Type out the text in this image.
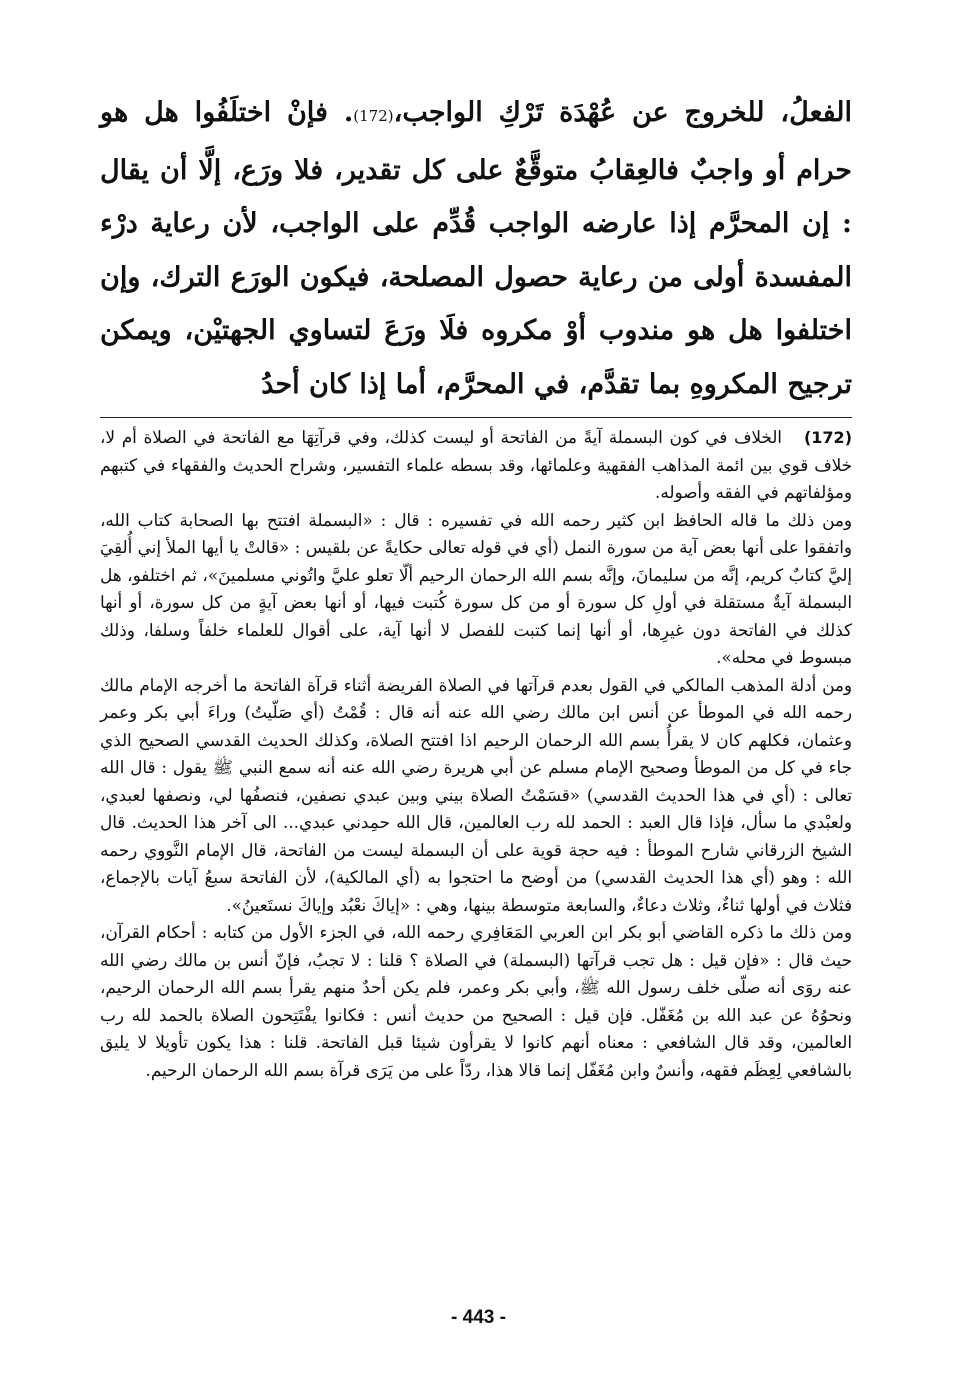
الفعلُ، للخروج عن عُهْدَة تَرْكِ الواجب،(172). فإنْ اختلَفُوا هل هو حرام أو واجبٌ فالعِقابُ متوقَّعٌ على كل تقدير، فلا ورَع، إلَّا أن يقال : إن المحرَّم إذا عارضه الواجب قُدِّم على الواجب، لأن رعاية درْء المفسدة أولى من رعاية حصول المصلحة، فيكون الورَع الترك، وإن اختلفوا هل هو مندوب أوْ مكروه فلَا ورَعَ لتساوي الجهتيْن، ويمكن ترجيح المكروهِ بما تقدَّم، في المحرَّم، أما إذا كان أحدُ

(172)الخلاف في كون البسملة آيةً من الفاتحة أو ليست كذلك، وفي قرآتِهَا مع الفاتحة في الصلاة أم لا، خلاف قوي بين ائمة المذاهب الفقهية وعلمائها، وقد بسطه علماء التفسير، وشراح الحديث والفقهاء في كتبهم ومؤلفاتهم في الفقه وأصوله.

ومن ذلك ما قاله الحافظ ابن كثير رحمه الله في تفسيره : قال : «البسملة افتتح بها الصحابة كتاب الله، واتفقوا على أنها بعض آية من سورة النمل (أي في قوله تعالى حكايةً عن بلقيس : «قالتْ يا أيها الملأ إني أُلقِيَ إليَّ كتابٌ كريم، إنَّه من سليمانَ، وإنَّه بسم الله الرحمان الرحيم ألّا تعلو عليَّ واتُوني مسلمينَ»، ثم اختلفو، هل البسملة آيةٌ مستقلة في أولِ كل سورة أو من كل سورة كُتبت فيها، أو أنها بعض آيةٍ من كل سورة، أو أنها كذلك في الفاتحة دون غيرِها، أو أنها إنما كتبت للفصل لا أنها آية، على أقوال للعلماء خلفاً وسلفا، وذلك مبسوط في محله».

ومن أدلة المذهب المالكي في القول بعدم قرآتها في الصلاة الفريضة أثناء قرآة الفاتحة ما أخرجه الإمام مالك رحمه الله في الموطأ عن أنس ابن مالك رضي الله عنه أنه قال : قُمْتُ (أي صَلّيتُ) وراءَ أبي بكر وعمر وعثمان، فكلهم كان لا يقرأُ بسم الله الرحمان الرحيم اذا افتتح الصلاة، وكذلك الحديث القدسي الصحيح الذي جاء في كل من الموطأ وصحيح الإمام مسلم عن أبي هريرة رضي الله عنه أنه سمع النبي ﷺ يقول : قال الله تعالى : (أي في هذا الحديث القدسي) «قسَمْتُ الصلاة بيني وبين عبدي نصفين، فنصفُها لي، ونصفها لعبدي، ولعبْدي ما سأل، فإذا قال العبد : الحمد لله رب العالمين، قال الله حمِدني عبدي... الى آخر هذا الحديث. قال الشيخ الزرقاني شارح الموطأ : فيه حجة قوية على أن البسملة ليست من الفاتحة، قال الإمام النَّووي رحمه الله : وهو (أي هذا الحديث القدسي) من أوضح ما احتجوا به (أي المالكية)، لأن الفاتحة سبعُ آيات بالإجماع، فثلاث في أولها ثناءٌ، وثلاث دعاءٌ، والسابعة متوسطة بينها، وهي : «إياكَ نعْبُد وإياكَ نستَعينُ».

ومن ذلك ما ذكره القاضي أبو بكر ابن العربي المَعَافِري رحمه الله، في الجزء الأول من كتابه : أحكام القرآن، حيث قال : «فإن قيل : هل تجب قرآتها (البسملة) في الصلاة ؟ قلنا : لا تجبُ، فإنّ أنس بن مالك رضي الله عنه روَى أنه صلّى خلف رسول الله ﷺ، وأبي بكر وعمر، فلم يكن أحدٌ منهم يقرأ بسم الله الرحمان الرحيم، ونحوُهُ عن عبد الله بن مُغَفّل. فإن قيل : الصحيح من حديث أنس : فكانوا يفْتَتِحون الصلاة بالحمد لله رب العالمين، وقد قال الشافعي : معناه أنهم كانوا لا يقرأون شيئا قبل الفاتحة. قلنا : هذا يكون تأويلا لا يليق بالشافعي لِعِظَم فقهه، وأنسٌ وابن مُغَفّل إنما قالا هذا، ردّاً على من يَرَى قرآة بسم الله الرحمان الرحيم.

- 443 -
